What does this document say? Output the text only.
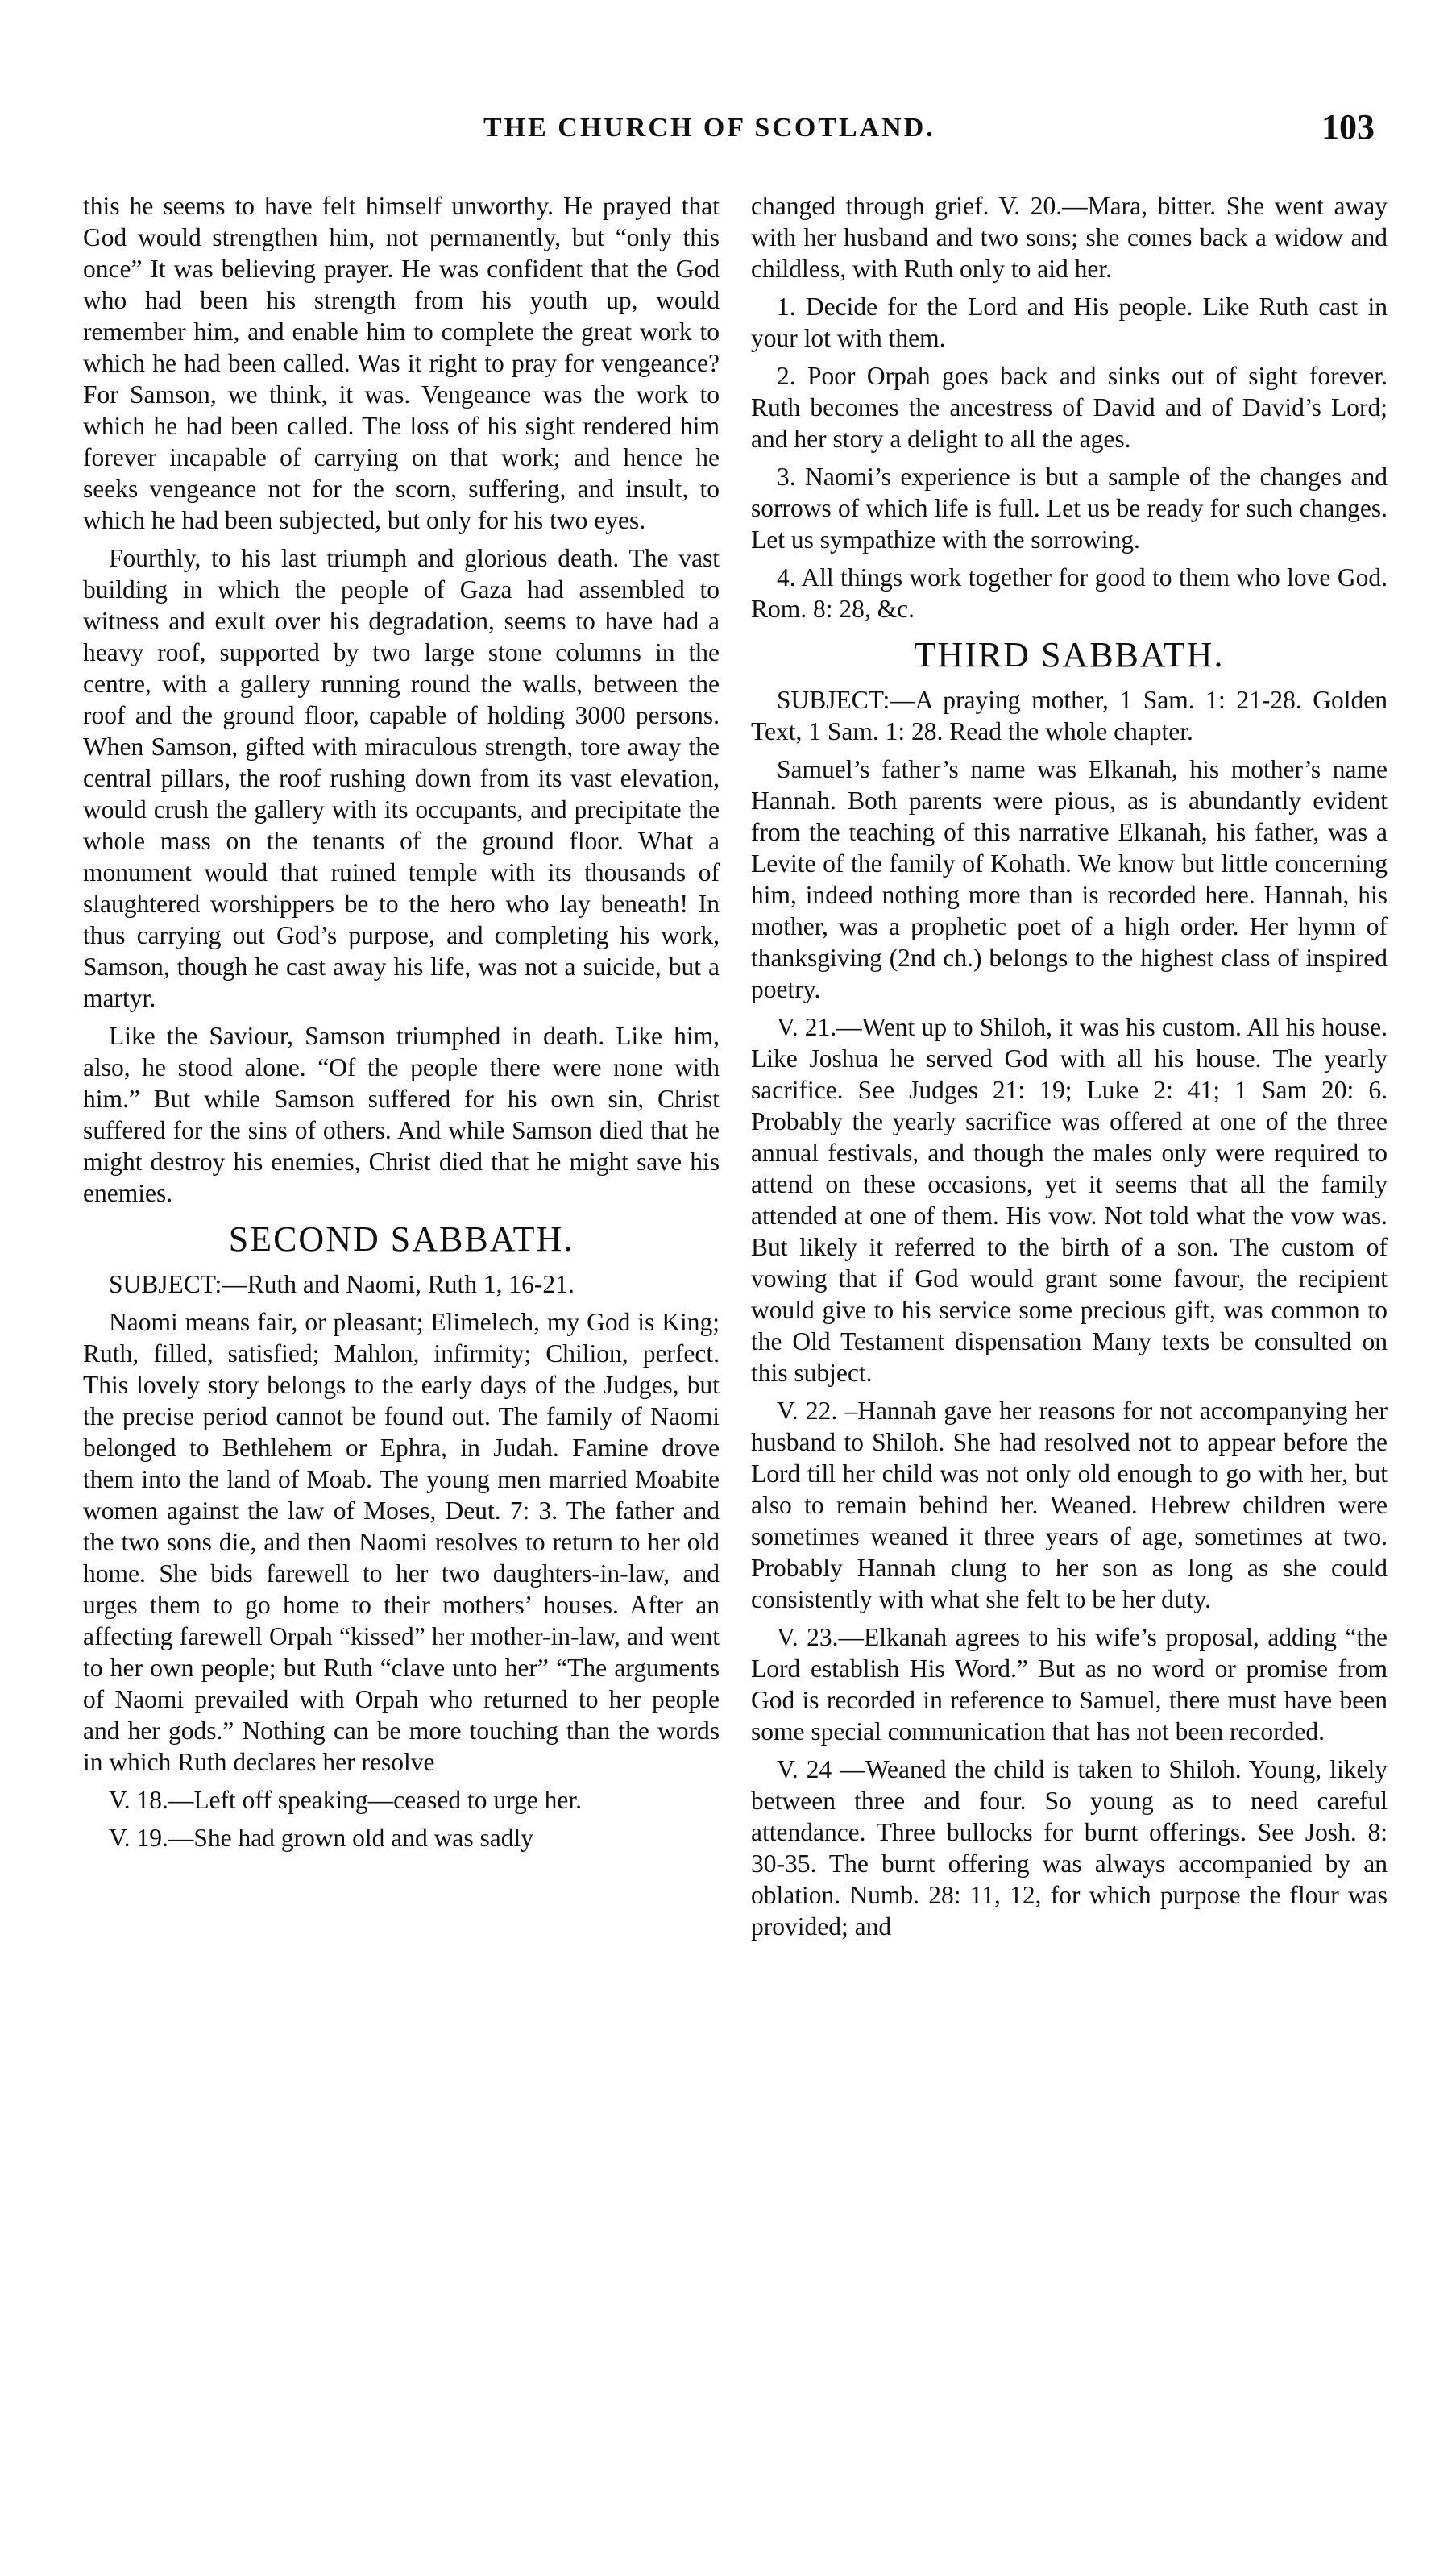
THE CHURCH OF SCOTLAND.	103

this he seems to have felt himself unworthy. He prayed that God would strengthen him, not permanently, but “only this once” It was believing prayer. He was confident that the God who had been his strength from his youth up, would remember him, and enable him to complete the great work to which he had been called. Was it right to pray for vengeance? For Samson, we think, it was. Vengeance was the work to which he had been called. The loss of his sight rendered him forever incapable of carrying on that work; and hence he seeks vengeance not for the scorn, suffering, and insult, to which he had been subjected, but only for his two eyes.

Fourthly, to his last triumph and glorious death. The vast building in which the people of Gaza had assembled to witness and exult over his degradation, seems to have had a heavy roof, supported by two large stone columns in the centre, with a gallery running round the walls, between the roof and the ground floor, capable of holding 3000 persons. When Samson, gifted with miraculous strength, tore away the central pillars, the roof rushing down from its vast elevation, would crush the gallery with its occupants, and precipitate the whole mass on the tenants of the ground floor. What a monument would that ruined temple with its thousands of slaughtered worshippers be to the hero who lay beneath! In thus carrying out God’s purpose, and completing his work, Samson, though he cast away his life, was not a suicide, but a martyr.

Like the Saviour, Samson triumphed in death. Like him, also, he stood alone. “Of the people there were none with him.” But while Samson suffered for his own sin, Christ suffered for the sins of others. And while Samson died that he might destroy his enemies, Christ died that he might save his enemies.

SECOND SABBATH.

SUBJECT:—Ruth and Naomi, Ruth 1, 16-21.

Naomi means fair, or pleasant; Elimelech, my God is King; Ruth, filled, satisfied; Mahlon, infirmity; Chilion, perfect. This lovely story belongs to the early days of the Judges, but the precise period cannot be found out. The family of Naomi belonged to Bethlehem or Ephra, in Judah. Famine drove them into the land of Moab. The young men married Moabite women against the law of Moses, Deut. 7: 3. The father and the two sons die, and then Naomi resolves to return to her old home. She bids farewell to her two daughters-in-law, and urges them to go home to their mothers’ houses. After an affecting farewell Orpah “kissed” her mother-in-law, and went to her own people; but Ruth “clave unto her” “The arguments of Naomi prevailed with Orpah who returned to her people and her gods.” Nothing can be more touching than the words in which Ruth declares her resolve

V. 18.—Left off speaking—ceased to urge her.

V. 19.—She had grown old and was sadly

changed through grief. V. 20.—Mara, bitter. She went away with her husband and two sons; she comes back a widow and childless, with Ruth only to aid her.

1. Decide for the Lord and His people. Like Ruth cast in your lot with them.

2. Poor Orpah goes back and sinks out of sight forever. Ruth becomes the ancestress of David and of David’s Lord; and her story a delight to all the ages.

3. Naomi’s experience is but a sample of the changes and sorrows of which life is full. Let us be ready for such changes. Let us sympathize with the sorrowing.

4. All things work together for good to them who love God. Rom. 8: 28, &c.

THIRD SABBATH.

SUBJECT:—A praying mother, 1 Sam. 1: 21-28. Golden Text, 1 Sam. 1: 28. Read the whole chapter.

Samuel’s father’s name was Elkanah, his mother’s name Hannah. Both parents were pious, as is abundantly evident from the teaching of this narrative Elkanah, his father, was a Levite of the family of Kohath. We know but little concerning him, indeed nothing more than is recorded here. Hannah, his mother, was a prophetic poet of a high order. Her hymn of thanksgiving (2nd ch.) belongs to the highest class of inspired poetry.

V. 21.—Went up to Shiloh, it was his custom. All his house. Like Joshua he served God with all his house. The yearly sacrifice. See Judges 21: 19; Luke 2: 41; 1 Sam 20: 6. Probably the yearly sacrifice was offered at one of the three annual festivals, and though the males only were required to attend on these occasions, yet it seems that all the family attended at one of them. His vow. Not told what the vow was. But likely it referred to the birth of a son. The custom of vowing that if God would grant some favour, the recipient would give to his service some precious gift, was common to the Old Testament dispensation Many texts be consulted on this subject.

V. 22. –Hannah gave her reasons for not accompanying her husband to Shiloh. She had resolved not to appear before the Lord till her child was not only old enough to go with her, but also to remain behind her. Weaned. Hebrew children were sometimes weaned it three years of age, sometimes at two. Probably Hannah clung to her son as long as she could consistently with what she felt to be her duty.

V. 23.—Elkanah agrees to his wife’s proposal, adding “the Lord establish His Word.” But as no word or promise from God is recorded in reference to Samuel, there must have been some special communication that has not been recorded.

V. 24 —Weaned the child is taken to Shiloh. Young, likely between three and four. So young as to need careful attendance. Three bullocks for burnt offerings. See Josh. 8: 30-35. The burnt offering was always accompanied by an oblation. Numb. 28: 11, 12, for which purpose the flour was provided; and
